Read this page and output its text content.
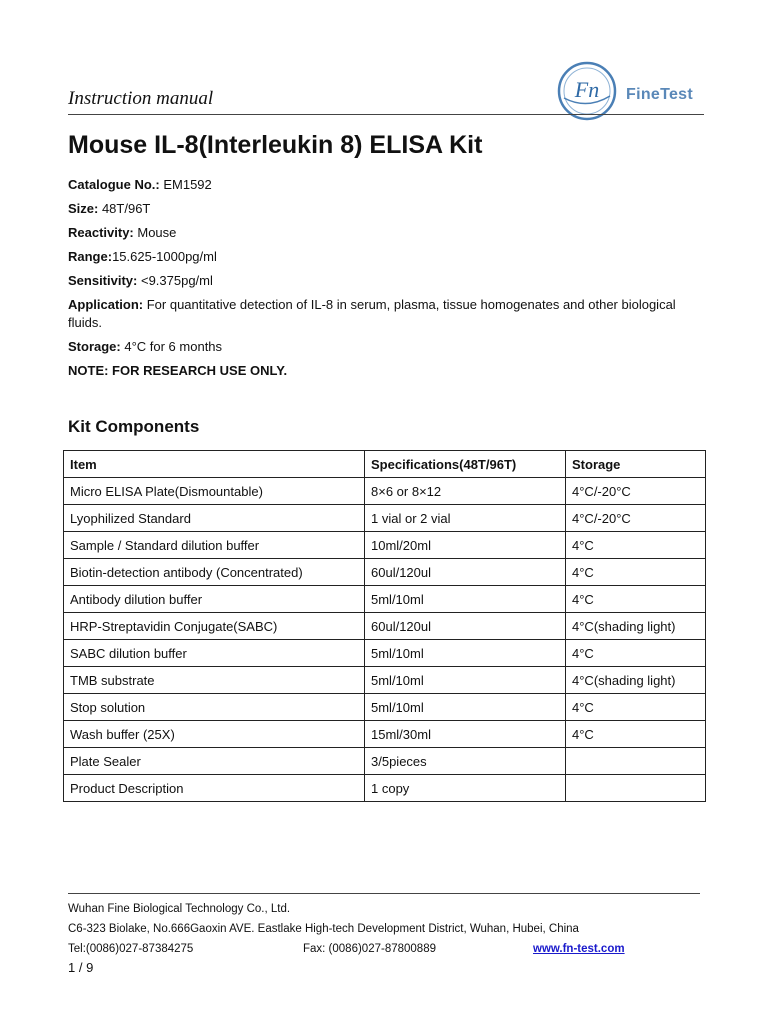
Instruction manual	Fn FineTest
Mouse IL-8(Interleukin 8) ELISA Kit
Catalogue No.: EM1592
Size: 48T/96T
Reactivity: Mouse
Range:15.625-1000pg/ml
Sensitivity: <9.375pg/ml
Application: For quantitative detection of IL-8 in serum, plasma, tissue homogenates and other biological fluids.
Storage: 4°C for 6 months
NOTE: FOR RESEARCH USE ONLY.
Kit Components
Item	Specifications(48T/96T)	Storage
Micro ELISA Plate(Dismountable)	8×6 or 8×12	4°C/-20°C
Lyophilized Standard	1 vial or 2 vial	4°C/-20°C
Sample / Standard dilution buffer	10ml/20ml	4°C
Biotin-detection antibody (Concentrated)	60ul/120ul	4°C
Antibody dilution buffer	5ml/10ml	4°C
HRP-Streptavidin Conjugate(SABC)	60ul/120ul	4°C(shading light)
SABC dilution buffer	5ml/10ml	4°C
TMB substrate	5ml/10ml	4°C(shading light)
Stop solution	5ml/10ml	4°C
Wash buffer (25X)	15ml/30ml	4°C
Plate Sealer	3/5pieces	
Product Description	1 copy	
Wuhan Fine Biological Technology Co., Ltd.
C6-323 Biolake, No.666Gaoxin AVE. Eastlake High-tech Development District, Wuhan, Hubei, China
Tel:(0086)027-87384275	Fax: (0086)027-87800889	www.fn-test.com
1 / 9
